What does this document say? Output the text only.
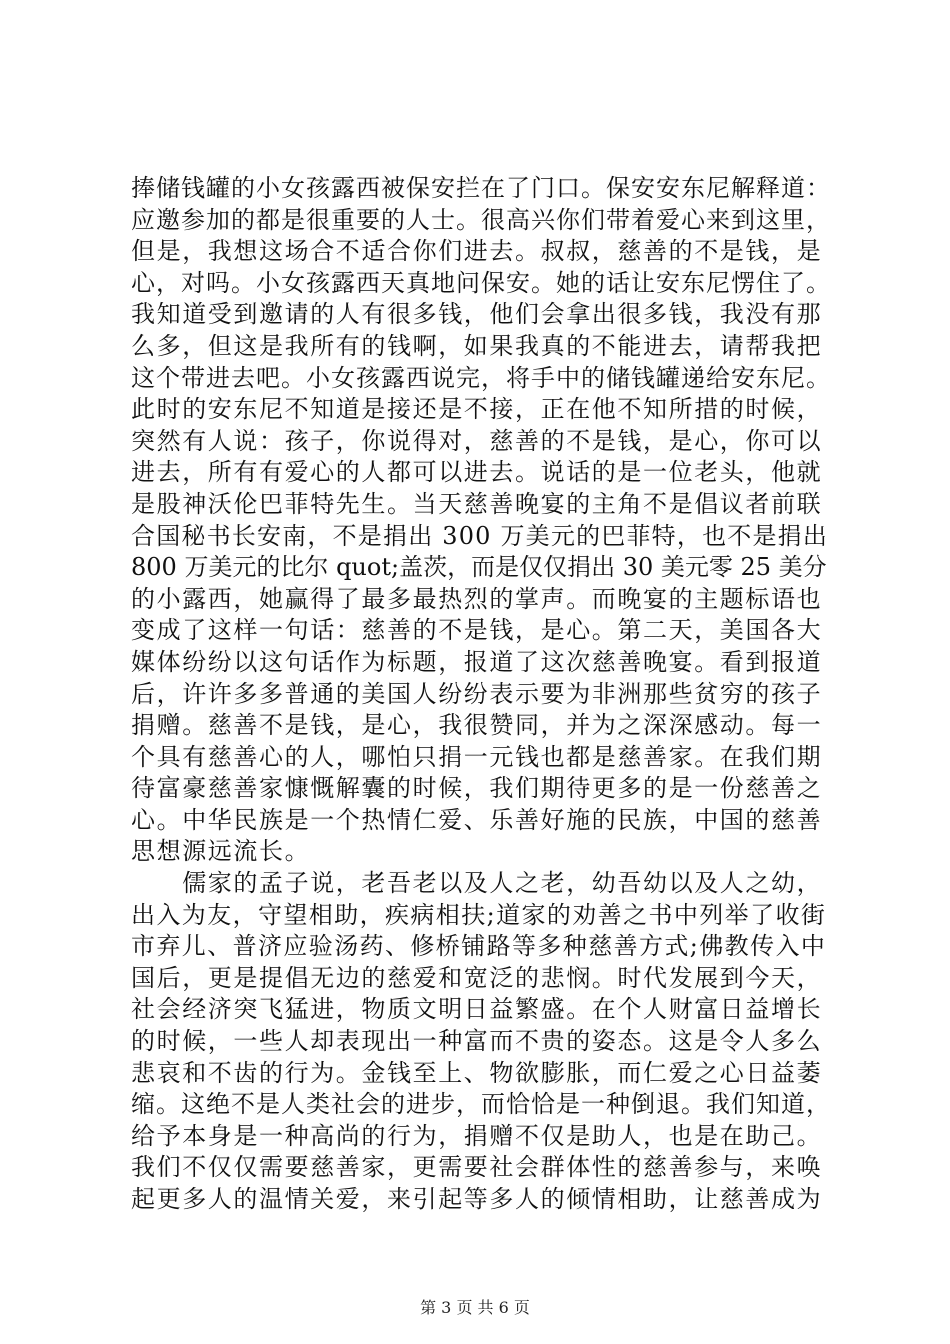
捧储钱罐的小女孩露西被保安拦在了门口。保安安东尼解释道：
应邀参加的都是很重要的人士。很高兴你们带着爱心来到这里，
但是，我想这场合不适合你们进去。叔叔，慈善的不是钱，是
心，对吗。小女孩露西天真地问保安。她的话让安东尼愣住了。
我知道受到邀请的人有很多钱，他们会拿出很多钱，我没有那
么多，但这是我所有的钱啊，如果我真的不能进去，请帮我把
这个带进去吧。小女孩露西说完，将手中的储钱罐递给安东尼。
此时的安东尼不知道是接还是不接，正在他不知所措的时候，
突然有人说：孩子，你说得对，慈善的不是钱，是心，你可以
进去，所有有爱心的人都可以进去。说话的是一位老头，他就
是股神沃伦巴菲特先生。当天慈善晚宴的主角不是倡议者前联
合国秘书长安南，不是捐出 300 万美元的巴菲特，也不是捐出
800 万美元的比尔 quot;盖茨，而是仅仅捐出 30 美元零 25 美分
的小露西，她赢得了最多最热烈的掌声。而晚宴的主题标语也
变成了这样一句话：慈善的不是钱，是心。第二天，美国各大
媒体纷纷以这句话作为标题，报道了这次慈善晚宴。看到报道
后，许许多多普通的美国人纷纷表示要为非洲那些贫穷的孩子
捐赠。慈善不是钱，是心，我很赞同，并为之深深感动。每一
个具有慈善心的人，哪怕只捐一元钱也都是慈善家。在我们期
待富豪慈善家慷慨解囊的时候，我们期待更多的是一份慈善之
心。中华民族是一个热情仁爱、乐善好施的民族，中国的慈善
思想源远流长。
　　儒家的孟子说，老吾老以及人之老，幼吾幼以及人之幼，
出入为友，守望相助，疾病相扶;道家的劝善之书中列举了收街
市弃儿、普济应验汤药、修桥铺路等多种慈善方式;佛教传入中
国后，更是提倡无边的慈爱和宽泛的悲悯。时代发展到今天，
社会经济突飞猛进，物质文明日益繁盛。在个人财富日益增长
的时候，一些人却表现出一种富而不贵的姿态。这是令人多么
悲哀和不齿的行为。金钱至上、物欲膨胀，而仁爱之心日益萎
缩。这绝不是人类社会的进步，而恰恰是一种倒退。我们知道，
给予本身是一种高尚的行为，捐赠不仅是助人，也是在助己。
我们不仅仅需要慈善家，更需要社会群体性的慈善参与，来唤
起更多人的温情关爱，来引起等多人的倾情相助，让慈善成为
第 3 页 共 6 页
